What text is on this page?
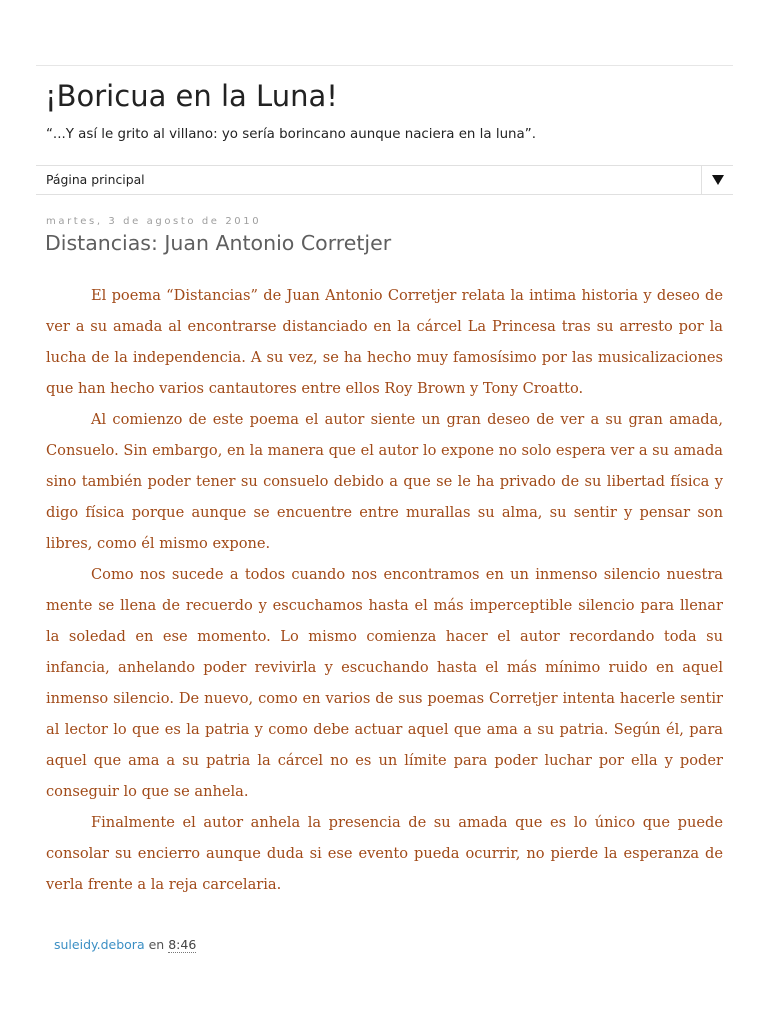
¡Boricua en la Luna!

“...Y así le grito al villano: yo sería borincano aunque naciera en la luna”.

Página principal

martes, 3 de agosto de 2010

Distancias: Juan Antonio Corretjer

El poema “Distancias” de Juan Antonio Corretjer relata la intima historia y deseo de ver a su amada al encontrarse distanciado en la cárcel La Princesa tras su arresto por la lucha de la independencia. A su vez, se ha hecho muy famosísimo por las musicalizaciones que han hecho varios cantautores entre ellos Roy Brown y Tony Croatto.

Al comienzo de este poema el autor siente un gran deseo de ver a su gran amada, Consuelo. Sin embargo, en la manera que el autor lo expone no solo espera ver a su amada sino también poder tener su consuelo debido a que se le ha privado de su libertad física y digo física porque aunque se encuentre entre murallas su alma, su sentir y pensar son libres, como él mismo expone.

Como nos sucede a todos cuando nos encontramos en un inmenso silencio nuestra mente se llena de recuerdo y escuchamos hasta el más imperceptible silencio para llenar la soledad en ese momento. Lo mismo comienza hacer el autor recordando toda su infancia, anhelando poder revivirla y escuchando hasta el más mínimo ruido en aquel inmenso silencio. De nuevo, como en varios de sus poemas Corretjer intenta hacerle sentir al lector lo que es la patria y como debe actuar aquel que ama a su patria. Según él, para aquel que ama a su patria la cárcel no es un límite para poder luchar por ella y poder conseguir lo que se anhela.

Finalmente el autor anhela la presencia de su amada que es lo único que puede consolar su encierro aunque duda si ese evento pueda ocurrir, no pierde la esperanza de verla frente a la reja carcelaria.

suleidy.debora en 8:46
